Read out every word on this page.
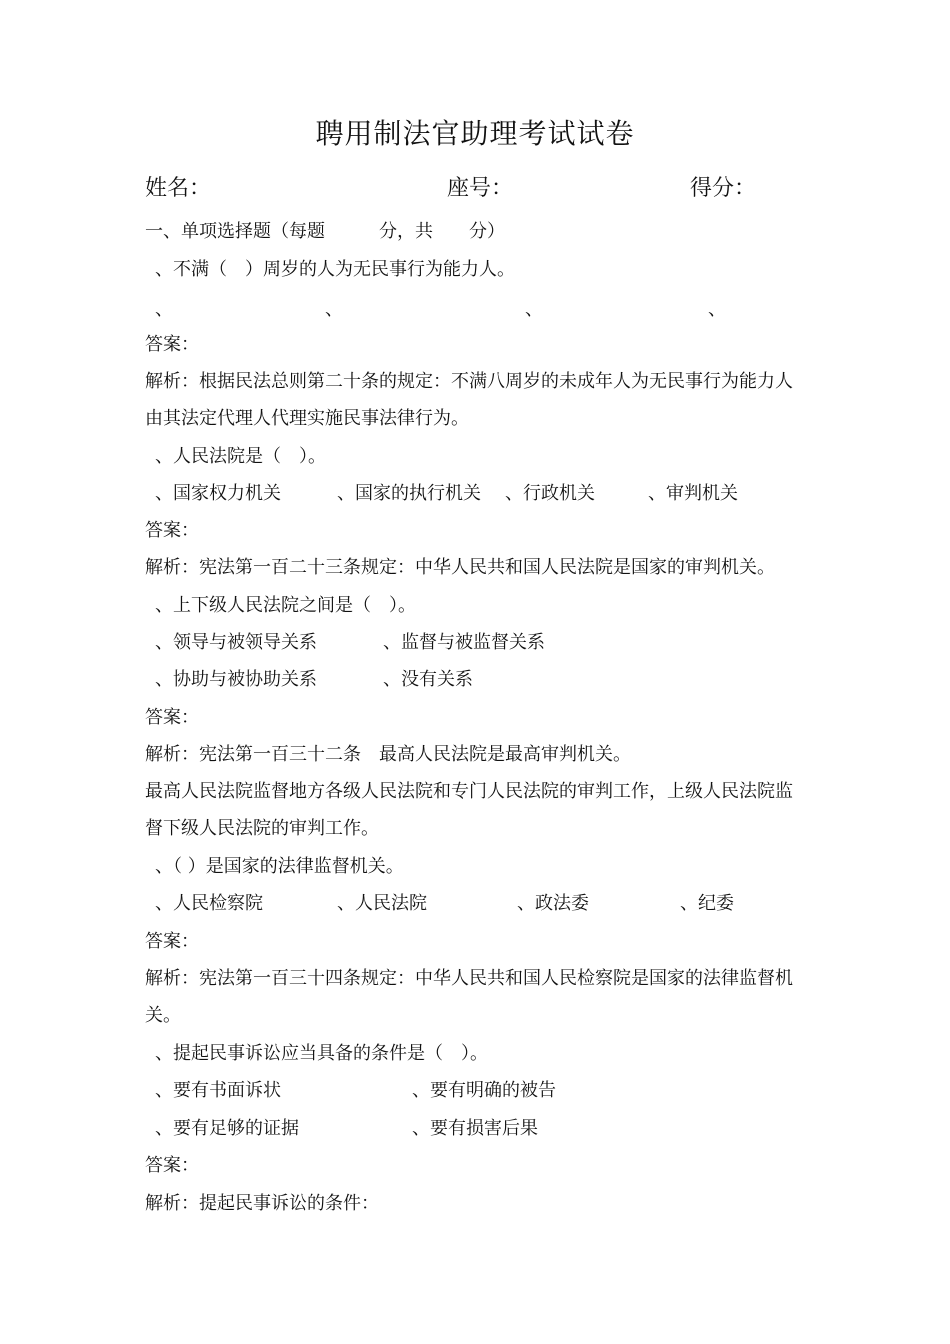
聘用制法官助理考试试卷
姓名：	座号：	得分：
一、单项选择题（每题　　　分，共　　分）
、不满（　）周岁的人为无民事行为能力人。
、	、	、	、
答案：
解析：根据民法总则第二十条的规定：不满八周岁的未成年人为无民事行为能力人 由其法定代理人代理实施民事法律行为。
、人民法院是（　）。
、国家权力机关	、国家的执行机关 、行政机关	、审判机关
答案：
解析：宪法第一百二十三条规定：中华人民共和国人民法院是国家的审判机关。
、上下级人民法院之间是（　）。
、领导与被领导关系	、监督与被监督关系
、协助与被协助关系	、没有关系
答案：
解析：宪法第一百三十二条　最高人民法院是最高审判机关。
最高人民法院监督地方各级人民法院和专门人民法院的审判工作，上级人民法院监督下级人民法院的审判工作。
、（ ）是国家的法律监督机关。
、人民检察院	、人民法院	、政法委	、纪委
答案：
解析：宪法第一百三十四条规定：中华人民共和国人民检察院是国家的法律监督机关。
、提起民事诉讼应当具备的条件是（　）。
、要有书面诉状	、要有明确的被告
、要有足够的证据	、要有损害后果
答案：
解析：提起民事诉讼的条件：
